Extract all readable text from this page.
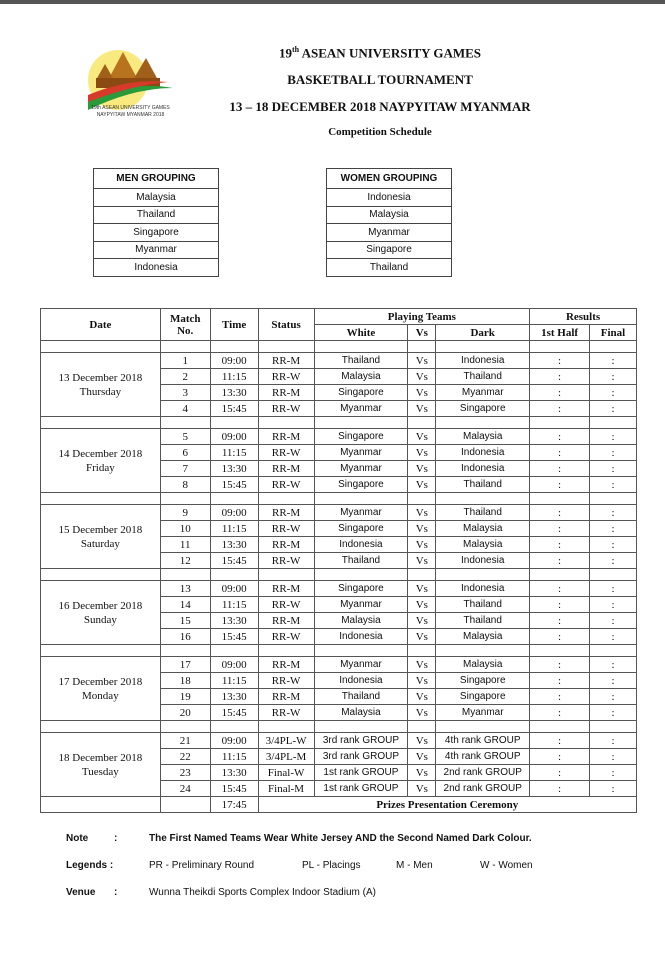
19th ASEAN UNIVERSITY GAMES
NAYPYITAW MYANMAR 2018
19th ASEAN UNIVERSITY GAMES
BASKETBALL TOURNAMENT
13 – 18 DECEMBER 2018 NAYPYITAW MYANMAR
Competition Schedule
MEN GROUPING
Malaysia
Thailand
Singapore
Myanmar
Indonesia
WOMEN GROUPING
Indonesia
Malaysia
Myanmar
Singapore
Thailand
Date	Match No.	Time	Status	Playing Teams			Results	
				White	Vs	Dark	1st Half	Final

13 December 2018
Thursday	1	09:00	RR-M	Thailand	Vs	Indonesia	:	:
	2	11:15	RR-W	Malaysia	Vs	Thailand	:	:
	3	13:30	RR-M	Singapore	Vs	Myanmar	:	:
	4	15:45	RR-W	Myanmar	Vs	Singapore	:	:

14 December 2018
Friday	5	09:00	RR-M	Singapore	Vs	Malaysia	:	:
	6	11:15	RR-W	Myanmar	Vs	Indonesia	:	:
	7	13:30	RR-M	Myanmar	Vs	Indonesia	:	:
	8	15:45	RR-W	Singapore	Vs	Thailand	:	:

15 December 2018
Saturday	9	09:00	RR-M	Myanmar	Vs	Thailand	:	:
	10	11:15	RR-W	Singapore	Vs	Malaysia	:	:
	11	13:30	RR-M	Indonesia	Vs	Malaysia	:	:
	12	15:45	RR-W	Thailand	Vs	Indonesia	:	:

16 December 2018
Sunday	13	09:00	RR-M	Singapore	Vs	Indonesia	:	:
	14	11:15	RR-W	Myanmar	Vs	Thailand	:	:
	15	13:30	RR-M	Malaysia	Vs	Thailand	:	:
	16	15:45	RR-W	Indonesia	Vs	Malaysia	:	:

17 December 2018
Monday	17	09:00	RR-M	Myanmar	Vs	Malaysia	:	:
	18	11:15	RR-W	Indonesia	Vs	Singapore	:	:
	19	13:30	RR-M	Thailand	Vs	Singapore	:	:
	20	15:45	RR-W	Malaysia	Vs	Myanmar	:	:

18 December 2018
Tuesday	21	09:00	3/4PL-W	3rd rank GROUP	Vs	4th rank GROUP	:	:
	22	11:15	3/4PL-M	3rd rank GROUP	Vs	4th rank GROUP	:	:
	23	13:30	Final-W	1st rank GROUP	Vs	2nd rank GROUP	:	:
	24	15:45	Final-M	1st rank GROUP	Vs	2nd rank GROUP	:	:
		17:45	Prizes Presentation Ceremony					
Note	:	The First Named Teams Wear White Jersey AND the Second Named Dark Colour.
Legends :	PR - Preliminary Round	PL - Placings	M - Men	W - Women
Venue :	Wunna Theikdi Sports Complex Indoor Stadium (A)
